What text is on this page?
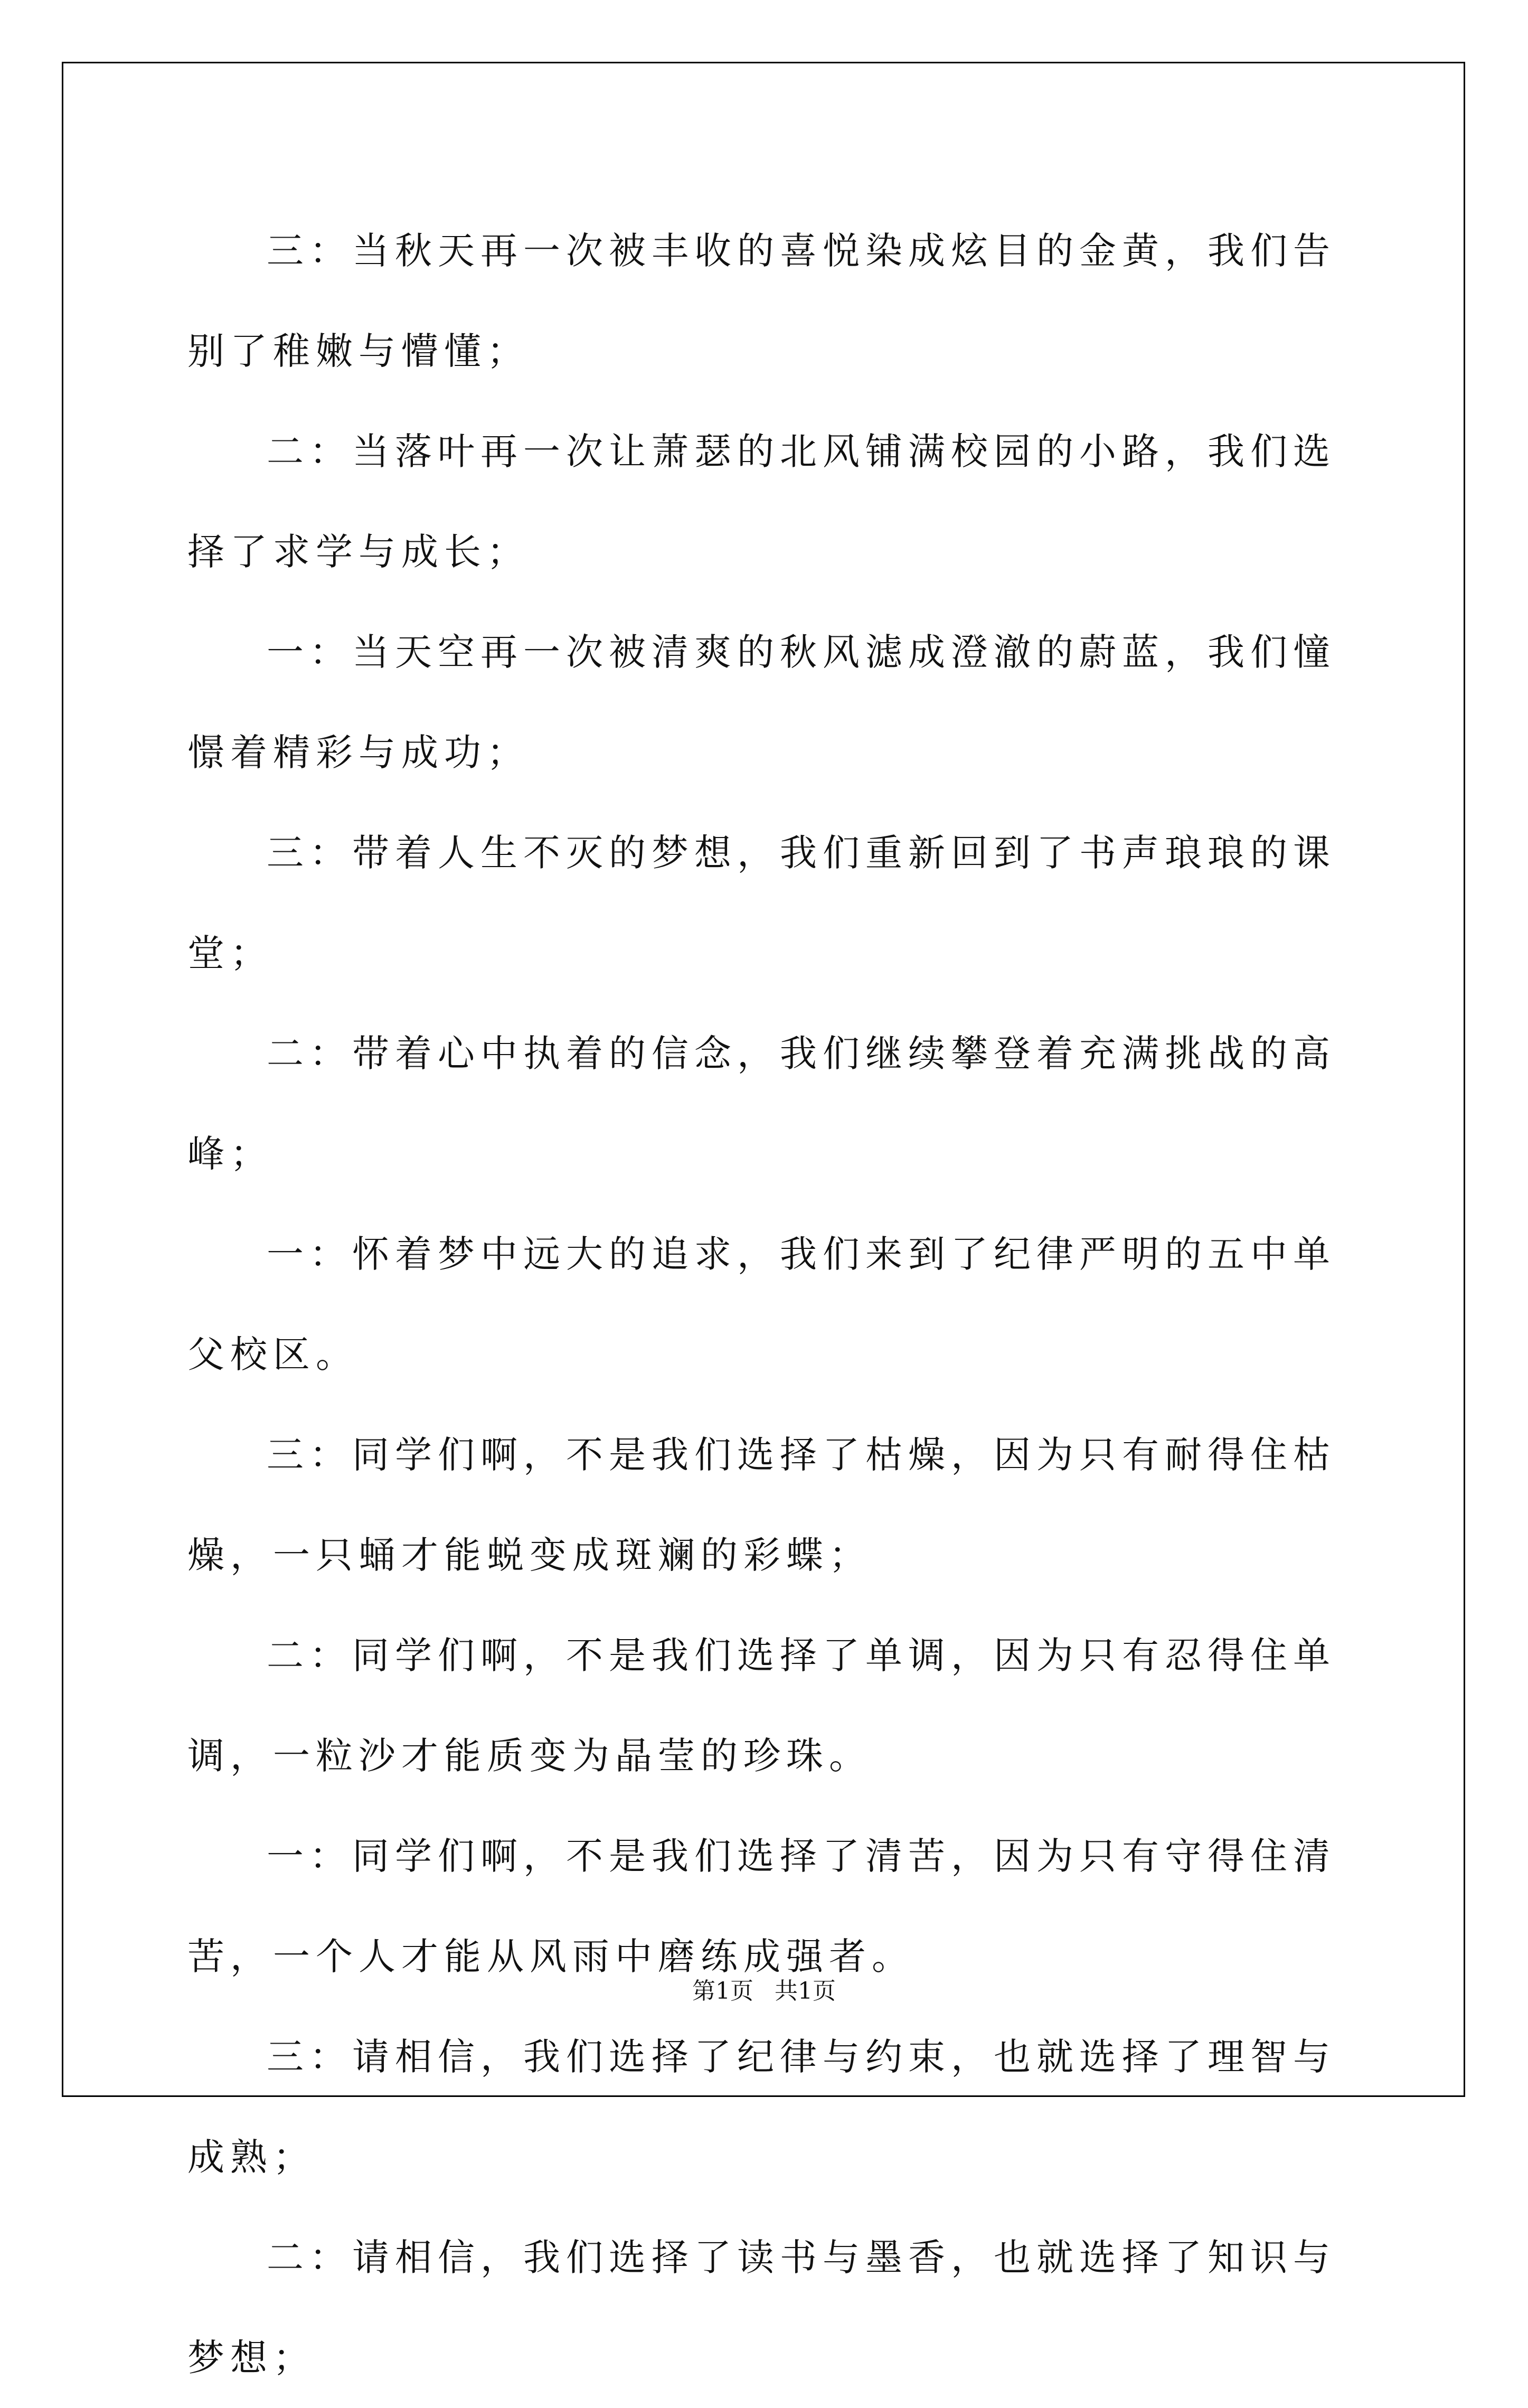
三：当秋天再一次被丰收的喜悦染成炫目的金黄，我们告别了稚嫩与懵懂；

二：当落叶再一次让萧瑟的北风铺满校园的小路，我们选择了求学与成长；

一：当天空再一次被清爽的秋风滤成澄澈的蔚蓝，我们憧憬着精彩与成功；

三：带着人生不灭的梦想，我们重新回到了书声琅琅的课堂；

二：带着心中执着的信念，我们继续攀登着充满挑战的高峰；

一：怀着梦中远大的追求，我们来到了纪律严明的五中单父校区。

三：同学们啊，不是我们选择了枯燥，因为只有耐得住枯燥，一只蛹才能蜕变成斑斓的彩蝶；

二：同学们啊，不是我们选择了单调，因为只有忍得住单调，一粒沙才能质变为晶莹的珍珠。

一：同学们啊，不是我们选择了清苦，因为只有守得住清苦，一个人才能从风雨中磨练成强者。

三：请相信，我们选择了纪律与约束，也就选择了理智与成熟；

二：请相信，我们选择了读书与墨香，也就选择了知识与梦想；

第1页 共1页
